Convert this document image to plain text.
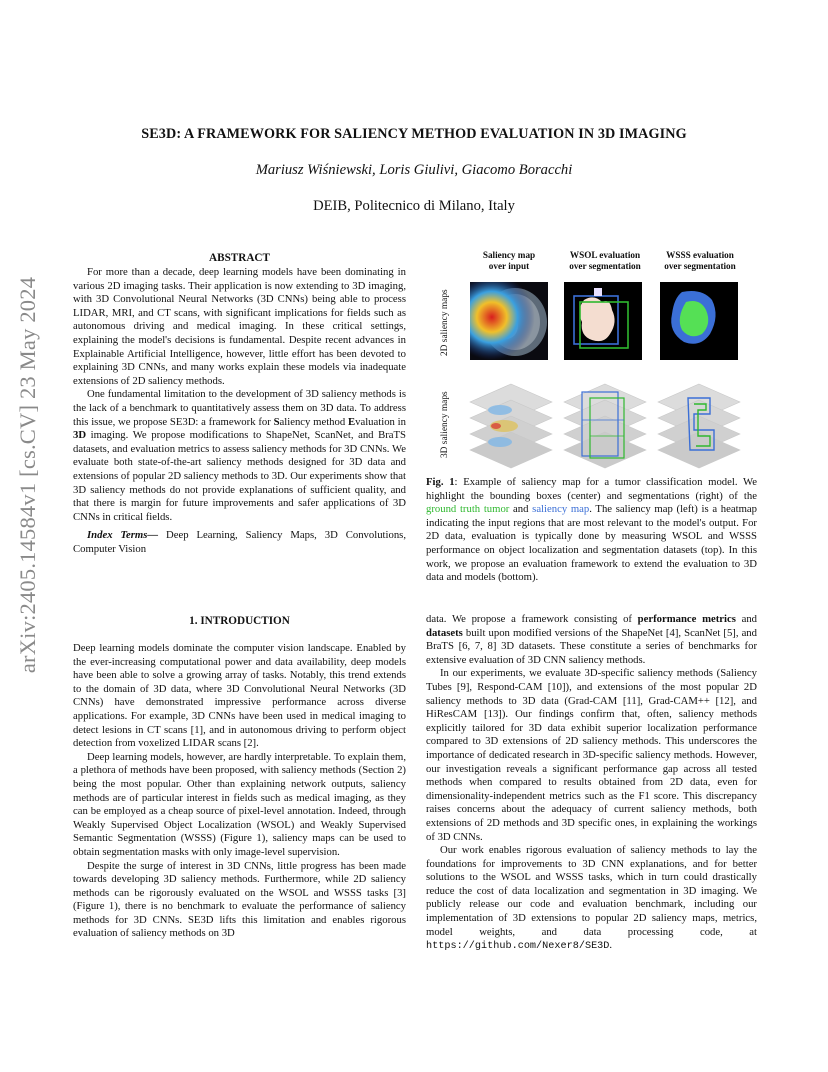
arXiv:2405.14584v1 [cs.CV] 23 May 2024
SE3D: A FRAMEWORK FOR SALIENCY METHOD EVALUATION IN 3D IMAGING
Mariusz Wiśniewski, Loris Giulivi, Giacomo Boracchi
DEIB, Politecnico di Milano, Italy
ABSTRACT

For more than a decade, deep learning models have been dominating in various 2D imaging tasks. Their application is now extending to 3D imaging, with 3D Convolutional Neural Networks (3D CNNs) being able to process LIDAR, MRI, and CT scans, with significant implications for fields such as autonomous driving and medical imaging. In these critical settings, explaining the model's decisions is fundamental. Despite recent advances in Explainable Artificial Intelligence, however, little effort has been devoted to explaining 3D CNNs, and many works explain these models via inadequate extensions of 2D saliency methods.

One fundamental limitation to the development of 3D saliency methods is the lack of a benchmark to quantitatively assess them on 3D data. To address this issue, we propose SE3D: a framework for Saliency method Evaluation in 3D imaging. We propose modifications to ShapeNet, ScanNet, and BraTS datasets, and evaluation metrics to assess saliency methods for 3D CNNs. We evaluate both state-of-the-art saliency methods designed for 3D data and extensions of popular 2D saliency methods to 3D. Our experiments show that 3D saliency methods do not provide explanations of sufficient quality, and that there is margin for future improvements and safer applications of 3D CNNs in critical fields.

Index Terms— Deep Learning, Saliency Maps, 3D Convolutions, Computer Vision

1. INTRODUCTION

Deep learning models dominate the computer vision landscape. Enabled by the ever-increasing computational power and data availability, deep models have been able to solve a growing array of tasks. Notably, this trend extends to the domain of 3D data, where 3D Convolutional Neural Networks (3D CNNs) have demonstrated impressive performance across diverse applications. For example, 3D CNNs have been used in medical imaging to detect lesions in CT scans [1], and in autonomous driving to perform object detection from voxelized LIDAR scans [2].

Deep learning models, however, are hardly interpretable. To explain them, a plethora of methods have been proposed, with saliency methods (Section 2) being the most popular. Other than explaining network outputs, saliency methods are of particular interest in fields such as medical imaging, as they can be employed as a cheap source of pixel-level annotation. Indeed, through Weakly Supervised Object Localization (WSOL) and Weakly Supervised Semantic Segmentation (WSSS) (Figure 1), saliency maps can be used to obtain segmentation masks with only image-level supervision.

Despite the surge of interest in 3D CNNs, little progress has been made towards developing 3D saliency methods. Furthermore, while 2D saliency methods can be rigorously evaluated on the WSOL and WSSS tasks [3] (Figure 1), there is no benchmark to evaluate the performance of saliency methods for 3D CNNs. SE3D lifts this limitation and enables rigorous evaluation of saliency methods on 3D

Saliency map
over input
WSOL evaluation
over segmentation
WSSS evaluation
over segmentation
2D saliency maps
3D saliency maps
Fig. 1: Example of saliency map for a tumor classification model. We highlight the bounding boxes (center) and segmentations (right) of the ground truth tumor and saliency map. The saliency map (left) is a heatmap indicating the input regions that are most relevant to the model's output. For 2D data, evaluation is typically done by measuring WSOL and WSSS performance on object localization and segmentation datasets (top). In this work, we propose an evaluation framework to extend the evaluation to 3D data and models (bottom).

data. We propose a framework consisting of performance metrics and datasets built upon modified versions of the ShapeNet [4], ScanNet [5], and BraTS [6, 7, 8] 3D datasets. These constitute a series of benchmarks for extensive evaluation of 3D CNN saliency methods.

In our experiments, we evaluate 3D-specific saliency methods (Saliency Tubes [9], Respond-CAM [10]), and extensions of the most popular 2D saliency methods to 3D data (Grad-CAM [11], Grad-CAM++ [12], and HiResCAM [13]). Our findings confirm that, often, saliency methods explicitly tailored for 3D data exhibit superior localization performance compared to 3D extensions of 2D saliency methods. This underscores the importance of dedicated research in 3D-specific saliency methods. However, our investigation reveals a significant performance gap across all tested methods when compared to results obtained from 2D data, even for dimensionality-independent metrics such as the F1 score. This discrepancy raises concerns about the adequacy of current saliency methods, both extensions of 2D methods and 3D specific ones, in explaining the workings of 3D CNNs.

Our work enables rigorous evaluation of saliency methods to lay the foundations for improvements to 3D CNN explanations, and for better solutions to the WSOL and WSSS tasks, which in turn could drastically reduce the cost of data localization and segmentation in 3D imaging. We publicly release our code and evaluation benchmark, including our implementation of 3D extensions to popular 2D saliency maps, metrics, model weights, and data processing code, at https://github.com/Nexer8/SE3D.
